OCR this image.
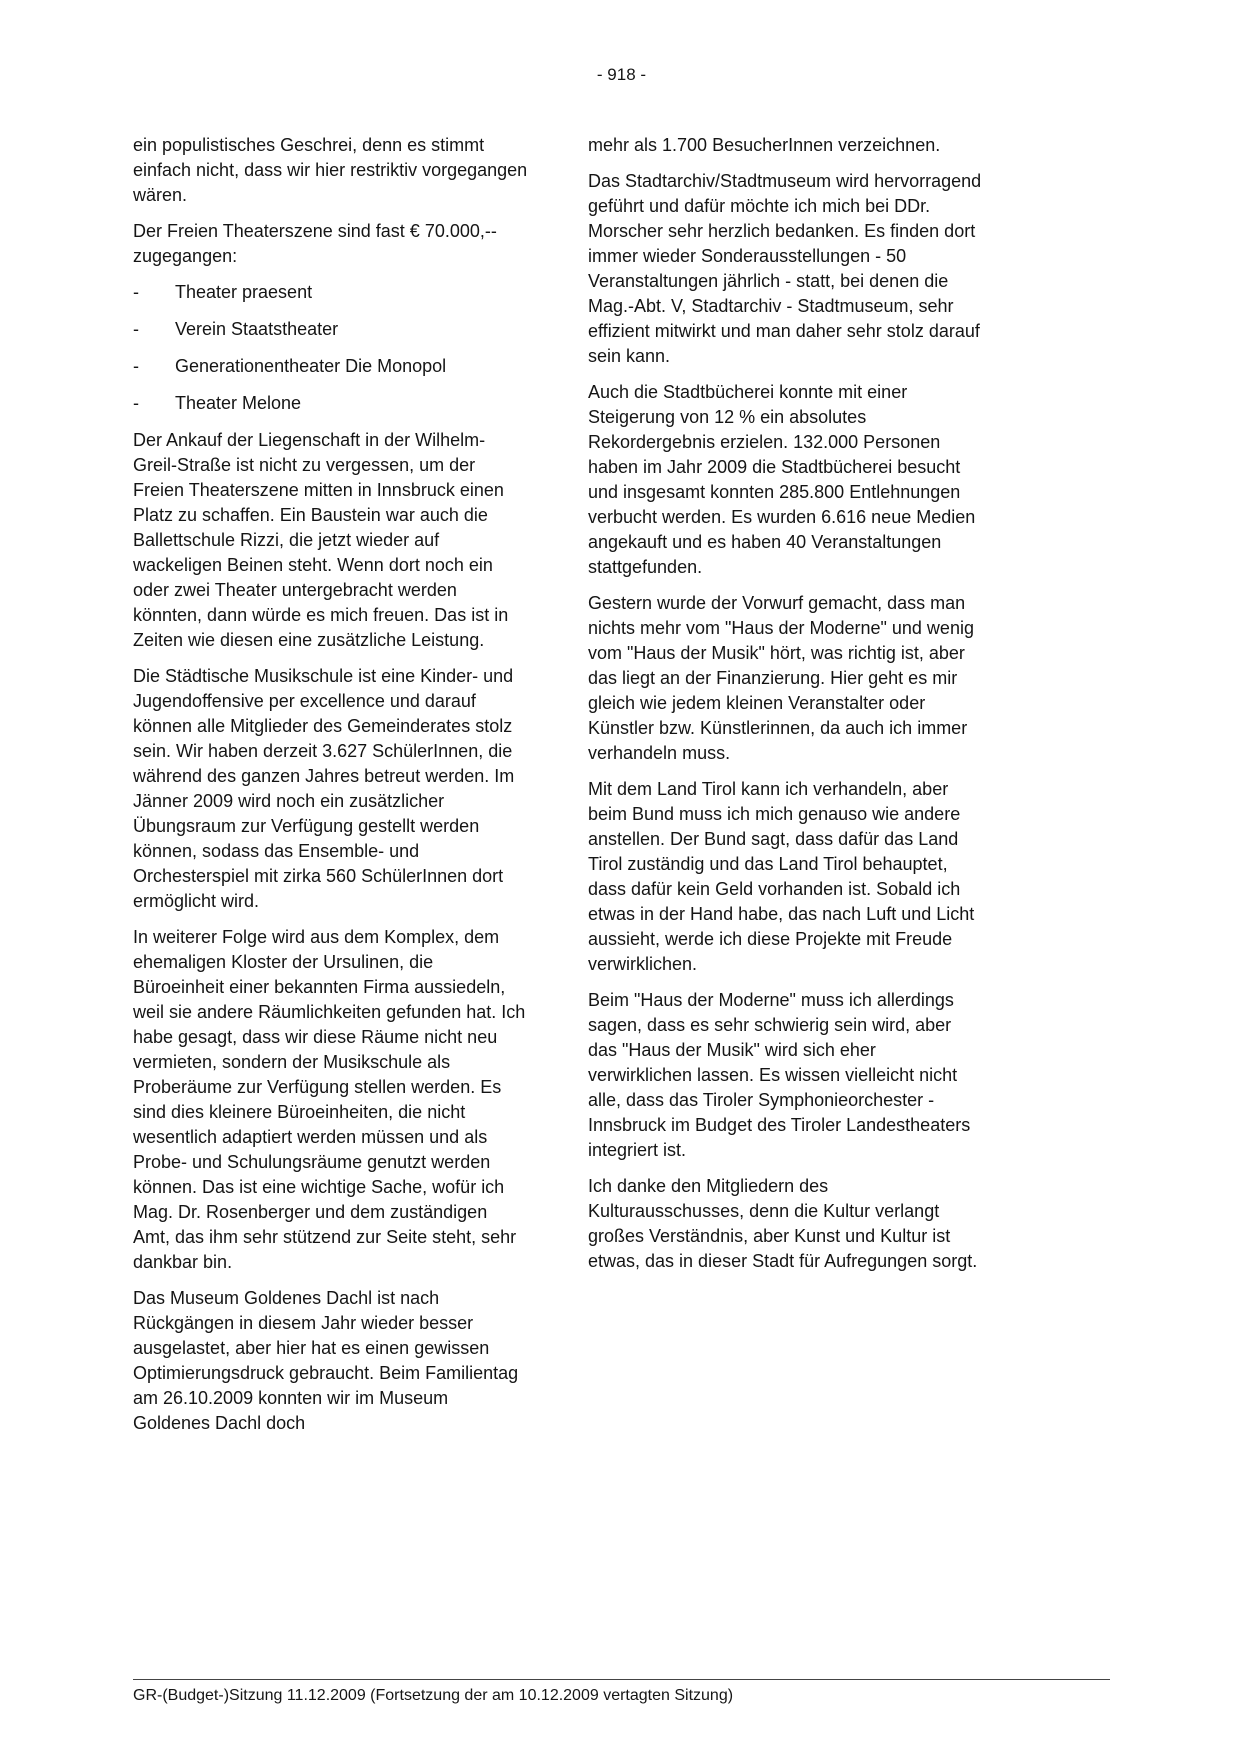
- 918 -

ein populistisches Geschrei, denn es stimmt einfach nicht, dass wir hier restriktiv vorgegangen wären.

Der Freien Theaterszene sind fast € 70.000,-- zugegangen:

-	Theater praesent
-	Verein Staatstheater
-	Generationentheater Die Monopol
-	Theater Melone

Der Ankauf der Liegenschaft in der Wilhelm-Greil-Straße ist nicht zu vergessen, um der Freien Theaterszene mitten in Innsbruck einen Platz zu schaffen. Ein Baustein war auch die Ballettschule Rizzi, die jetzt wieder auf wackeligen Beinen steht. Wenn dort noch ein oder zwei Theater untergebracht werden könnten, dann würde es mich freuen. Das ist in Zeiten wie diesen eine zusätzliche Leistung.

Die Städtische Musikschule ist eine Kinder- und Jugendoffensive per excellence und darauf können alle Mitglieder des Gemeinderates stolz sein. Wir haben derzeit 3.627 SchülerInnen, die während des ganzen Jahres betreut werden. Im Jänner 2009 wird noch ein zusätzlicher Übungsraum zur Verfügung gestellt werden können, sodass das Ensemble- und Orchesterspiel mit zirka 560 SchülerInnen dort ermöglicht wird.

In weiterer Folge wird aus dem Komplex, dem ehemaligen Kloster der Ursulinen, die Büroeinheit einer bekannten Firma aussiedeln, weil sie andere Räumlichkeiten gefunden hat. Ich habe gesagt, dass wir diese Räume nicht neu vermieten, sondern der Musikschule als Proberäume zur Verfügung stellen werden. Es sind dies kleinere Büroeinheiten, die nicht wesentlich adaptiert werden müssen und als Probe- und Schulungsräume genutzt werden können. Das ist eine wichtige Sache, wofür ich Mag. Dr. Rosenberger und dem zuständigen Amt, das ihm sehr stützend zur Seite steht, sehr dankbar bin.

Das Museum Goldenes Dachl ist nach Rückgängen in diesem Jahr wieder besser ausgelastet, aber hier hat es einen gewissen Optimierungsdruck gebraucht. Beim Familientag am 26.10.2009 konnten wir im Museum Goldenes Dachl doch

mehr als 1.700 BesucherInnen verzeichnen.

Das Stadtarchiv/Stadtmuseum wird hervorragend geführt und dafür möchte ich mich bei DDr. Morscher sehr herzlich bedanken. Es finden dort immer wieder Sonderausstellungen - 50 Veranstaltungen jährlich - statt, bei denen die Mag.-Abt. V, Stadtarchiv - Stadtmuseum, sehr effizient mitwirkt und man daher sehr stolz darauf sein kann.

Auch die Stadtbücherei konnte mit einer Steigerung von 12 % ein absolutes Rekordergebnis erzielen. 132.000 Personen haben im Jahr 2009 die Stadtbücherei besucht und insgesamt konnten 285.800 Entlehnungen verbucht werden. Es wurden 6.616 neue Medien angekauft und es haben 40 Veranstaltungen stattgefunden.

Gestern wurde der Vorwurf gemacht, dass man nichts mehr vom "Haus der Moderne" und wenig vom "Haus der Musik" hört, was richtig ist, aber das liegt an der Finanzierung. Hier geht es mir gleich wie jedem kleinen Veranstalter oder Künstler bzw. Künstlerinnen, da auch ich immer verhandeln muss.

Mit dem Land Tirol kann ich verhandeln, aber beim Bund muss ich mich genauso wie andere anstellen. Der Bund sagt, dass dafür das Land Tirol zuständig und das Land Tirol behauptet, dass dafür kein Geld vorhanden ist. Sobald ich etwas in der Hand habe, das nach Luft und Licht aussieht, werde ich diese Projekte mit Freude verwirklichen.

Beim "Haus der Moderne" muss ich allerdings sagen, dass es sehr schwierig sein wird, aber das "Haus der Musik" wird sich eher verwirklichen lassen. Es wissen vielleicht nicht alle, dass das Tiroler Symphonieorchester - Innsbruck im Budget des Tiroler Landestheaters integriert ist.

Ich danke den Mitgliedern des Kulturausschusses, denn die Kultur verlangt großes Verständnis, aber Kunst und Kultur ist etwas, das in dieser Stadt für Aufregungen sorgt.

GR-(Budget-)Sitzung 11.12.2009 (Fortsetzung der am 10.12.2009 vertagten Sitzung)
